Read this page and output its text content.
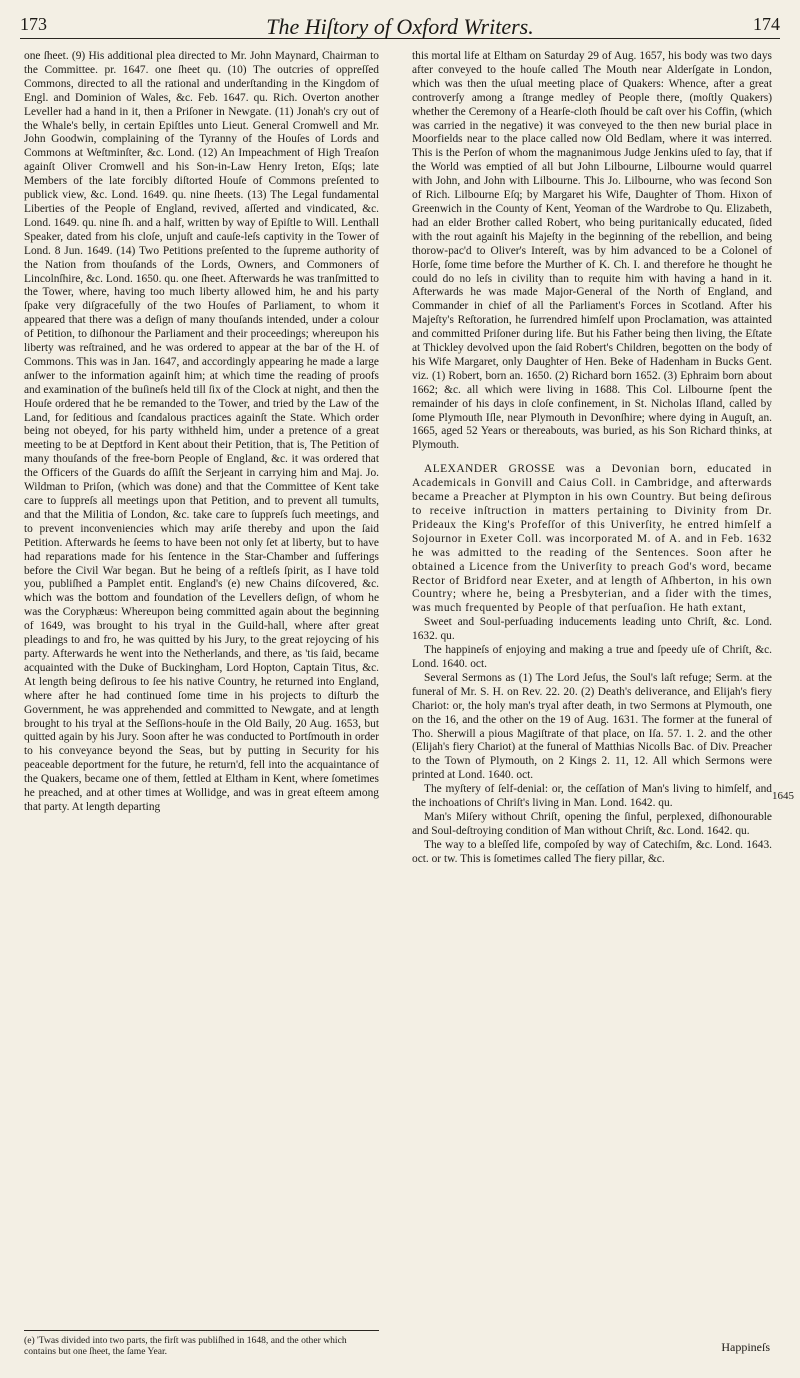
173	The Hiſtory of Oxford Writers.	174

one ſheet. (9) His additional plea directed to Mr. John Maynard, Chairman to the Committee. pr. 1647. one ſheet qu. (10) The outcries of oppreſſed Commons, directed to all the rational and underſtanding in the Kingdom of Engl. and Dominion of Wales, &c. Feb. 1647. qu. Rich. Overton another Leveller had a hand in it, then a Priſoner in Newgate. (11) Jonah's cry out of the Whale's belly, in certain Epiſtles unto Lieut. General Cromwell and Mr. John Goodwin, complaining of the Tyranny of the Houſes of Lords and Commons at Weſtminſter, &c. Lond. (12) An Impeachment of High Treaſon againſt Oliver Cromwell and his Son-in-Law Henry Ireton, Eſqs; late Members of the late forcibly diſtorted Houſe of Commons preſented to publick view, &c. Lond. 1649. qu. nine ſheets. (13) The Legal fundamental Liberties of the People of England, revived, aſſerted and vindicated, &c. Lond. 1649. qu. nine ſh. and a half, written by way of Epiſtle to Will. Lenthall Speaker, dated from his cloſe, unjuſt and cauſe-leſs captivity in the Tower of Lond. 8 Jun. 1649. (14) Two Petitions preſented to the ſupreme authority of the Nation from thouſands of the Lords, Owners, and Commoners of Lincolnſhire, &c. Lond. 1650. qu. one ſheet. Afterwards he was tranſmitted to the Tower, where, having too much liberty allowed him, he and his party ſpake very diſgracefully of the two Houſes of Parliament, to whom it appeared that there was a deſign of many thouſands intended, under a colour of Petition, to diſhonour the Parliament and their proceedings; whereupon his liberty was reſtrained, and he was ordered to appear at the bar of the H. of Commons. This was in Jan. 1647, and accordingly appearing he made a large anſwer to the information againſt him; at which time the reading of proofs and examination of the buſineſs held till ſix of the Clock at night, and then the Houſe ordered that he be remanded to the Tower, and tried by the Law of the Land, for ſeditious and ſcandalous practices againſt the State. Which order being not obeyed, for his party withheld him, under a pretence of a great meeting to be at Deptford in Kent about their Petition, that is, The Petition of many thouſands of the free-born People of England, &c. it was ordered that the Officers of the Guards do aſſiſt the Serjeant in carrying him and Maj. Jo. Wildman to Priſon, (which was done) and that the Committee of Kent take care to ſuppreſs all meetings upon that Petition, and to prevent all tumults, and that the Militia of London, &c. take care to ſuppreſs ſuch meetings, and to prevent inconveniencies which may ariſe thereby and upon the ſaid Petition. Afterwards he ſeems to have been not only ſet at liberty, but to have had reparations made for his ſentence in the Star-Chamber and ſufferings before the Civil War began. But he being of a reſtleſs ſpirit, as I have told you, publiſhed a Pamplet entit. England's (e) new Chains diſcovered, &c. which was the bottom and foundation of the Levellers deſign, of whom he was the Coryphæus: Whereupon being committed again about the beginning of 1649, was brought to his tryal in the Guild-hall, where after great pleadings to and fro, he was quitted by his Jury, to the great rejoycing of his party. Afterwards he went into the Netherlands, and there, as 'tis ſaid, became acquainted with the Duke of Buckingham, Lord Hopton, Captain Titus, &c. At length being deſirous to ſee his native Country, he returned into England, where after he had continued ſome time in his projects to diſturb the Government, he was apprehended and committed to Newgate, and at length brought to his tryal at the Seſſions-houſe in the Old Baily, 20 Aug. 1653, but quitted again by his Jury. Soon after he was conducted to Portſmouth in order to his conveyance beyond the Seas, but by putting in Security for his peaceable deportment for the future, he return'd, fell into the acquaintance of the Quakers, became one of them, ſettled at Eltham in Kent, where ſometimes he preached, and at other times at Wollidge, and was in great eſteem among that party. At length departing

(e) 'Twas divided into two parts, the firſt was publiſhed in 1648, and the other which contains but one ſheet, the ſame Year.

this mortal life at Eltham on Saturday 29 of Aug. 1657, his body was two days after conveyed to the houſe called The Mouth near Alderſgate in London, which was then the uſual meeting place of Quakers: Whence, after a great controverſy among a ſtrange medley of People there, (moſtly Quakers) whether the Ceremony of a Hearſe-cloth ſhould be caſt over his Coffin, (which was carried in the negative) it was conveyed to the then new burial place in Moorfields near to the place called now Old Bedlam, where it was interred. This is the Perſon of whom the magnanimous Judge Jenkins uſed to ſay, that if the World was emptied of all but John Lilbourne, Lilbourne would quarrel with John, and John with Lilbourne. This Jo. Lilbourne, who was ſecond Son of Rich. Lilbourne Eſq; by Margaret his Wife, Daughter of Thom. Hixon of Greenwich in the County of Kent, Yeoman of the Wardrobe to Qu. Elizabeth, had an elder Brother called Robert, who being puritanically educated, ſided with the rout againſt his Majeſty in the beginning of the rebellion, and being thorow-pac'd to Oliver's Intereſt, was by him advanced to be a Colonel of Horſe, ſome time before the Murther of K. Ch. I. and therefore he thought he could do no leſs in civility than to requite him with having a hand in it. Afterwards he was made Major-General of the North of England, and Commander in chief of all the Parliament's Forces in Scotland. After his Majeſty's Reſtoration, he ſurrendred himſelf upon Proclamation, was attainted and committed Priſoner during life. But his Father being then living, the Eſtate at Thickley devolved upon the ſaid Robert's Children, begotten on the body of his Wife Margaret, only Daughter of Hen. Beke of Hadenham in Bucks Gent. viz. (1) Robert, born an. 1650. (2) Richard born 1652. (3) Ephraim born about 1662; &c. all which were living in 1688. This Col. Lilbourne ſpent the remainder of his days in cloſe confinement, in St. Nicholas Iſland, called by ſome Plymouth Iſle, near Plymouth in Devonſhire; where dying in Auguſt, an. 1665, aged 52 Years or thereabouts, was buried, as his Son Richard thinks, at Plymouth.

ALEXANDER GROSSE was a Devonian born, educated in Academicals in Gonvill and Caius Coll. in Cambridge, and afterwards became a Preacher at Plympton in his own Country. But being deſirous to receive inſtruction in matters pertaining to Divinity from Dr. Prideaux the King's Profeſſor of this Univerſity, he entred himſelf a Sojournor in Exeter Coll. was incorporated M. of A. and in Feb. 1632 he was admitted to the reading of the Sentences. Soon after he obtained a Licence from the Univerſity to preach God's word, became Rector of Bridford near Exeter, and at length of Aſhberton, in his own Country; where he, being a Presbyterian, and a ſider with the times, was much frequented by People of that perſuaſion. He hath extant,

Sweet and Soul-perſuading inducements leading unto Chriſt, &c. Lond. 1632. qu.

The happineſs of enjoying and making a true and ſpeedy uſe of Chriſt, &c. Lond. 1640. oct.

Several Sermons as (1) The Lord Jeſus, the Soul's laſt refuge; Serm. at the funeral of Mr. S. H. on Rev. 22. 20. (2) Death's deliverance, and Elijah's fiery Chariot: or, the holy man's tryal after death, in two Sermons at Plymouth, one on the 16, and the other on the 19 of Aug. 1631. The former at the funeral of Tho. Sherwill a pious Magiſtrate of that place, on Iſa. 57. 1. 2. and the other (Elijah's fiery Chariot) at the funeral of Matthias Nicolls Bac. of Div. Preacher to the Town of Plymouth, on 2 Kings 2. 11, 12. All which Sermons were printed at Lond. 1640. oct.

The myſtery of ſelf-denial: or, the ceſſation of Man's living to himſelf, and the inchoations of Chriſt's living in Man. Lond. 1642. qu.

Man's Miſery without Chriſt, opening the ſinful, perplexed, diſhonourable and Soul-deſtroying condition of Man without Chriſt, &c. Lond. 1642. qu.

The way to a bleſſed life, compoſed by way of Catechiſm, &c. Lond. 1643. oct. or tw. This is ſometimes called The fiery pillar, &c.

1645
Happineſs
